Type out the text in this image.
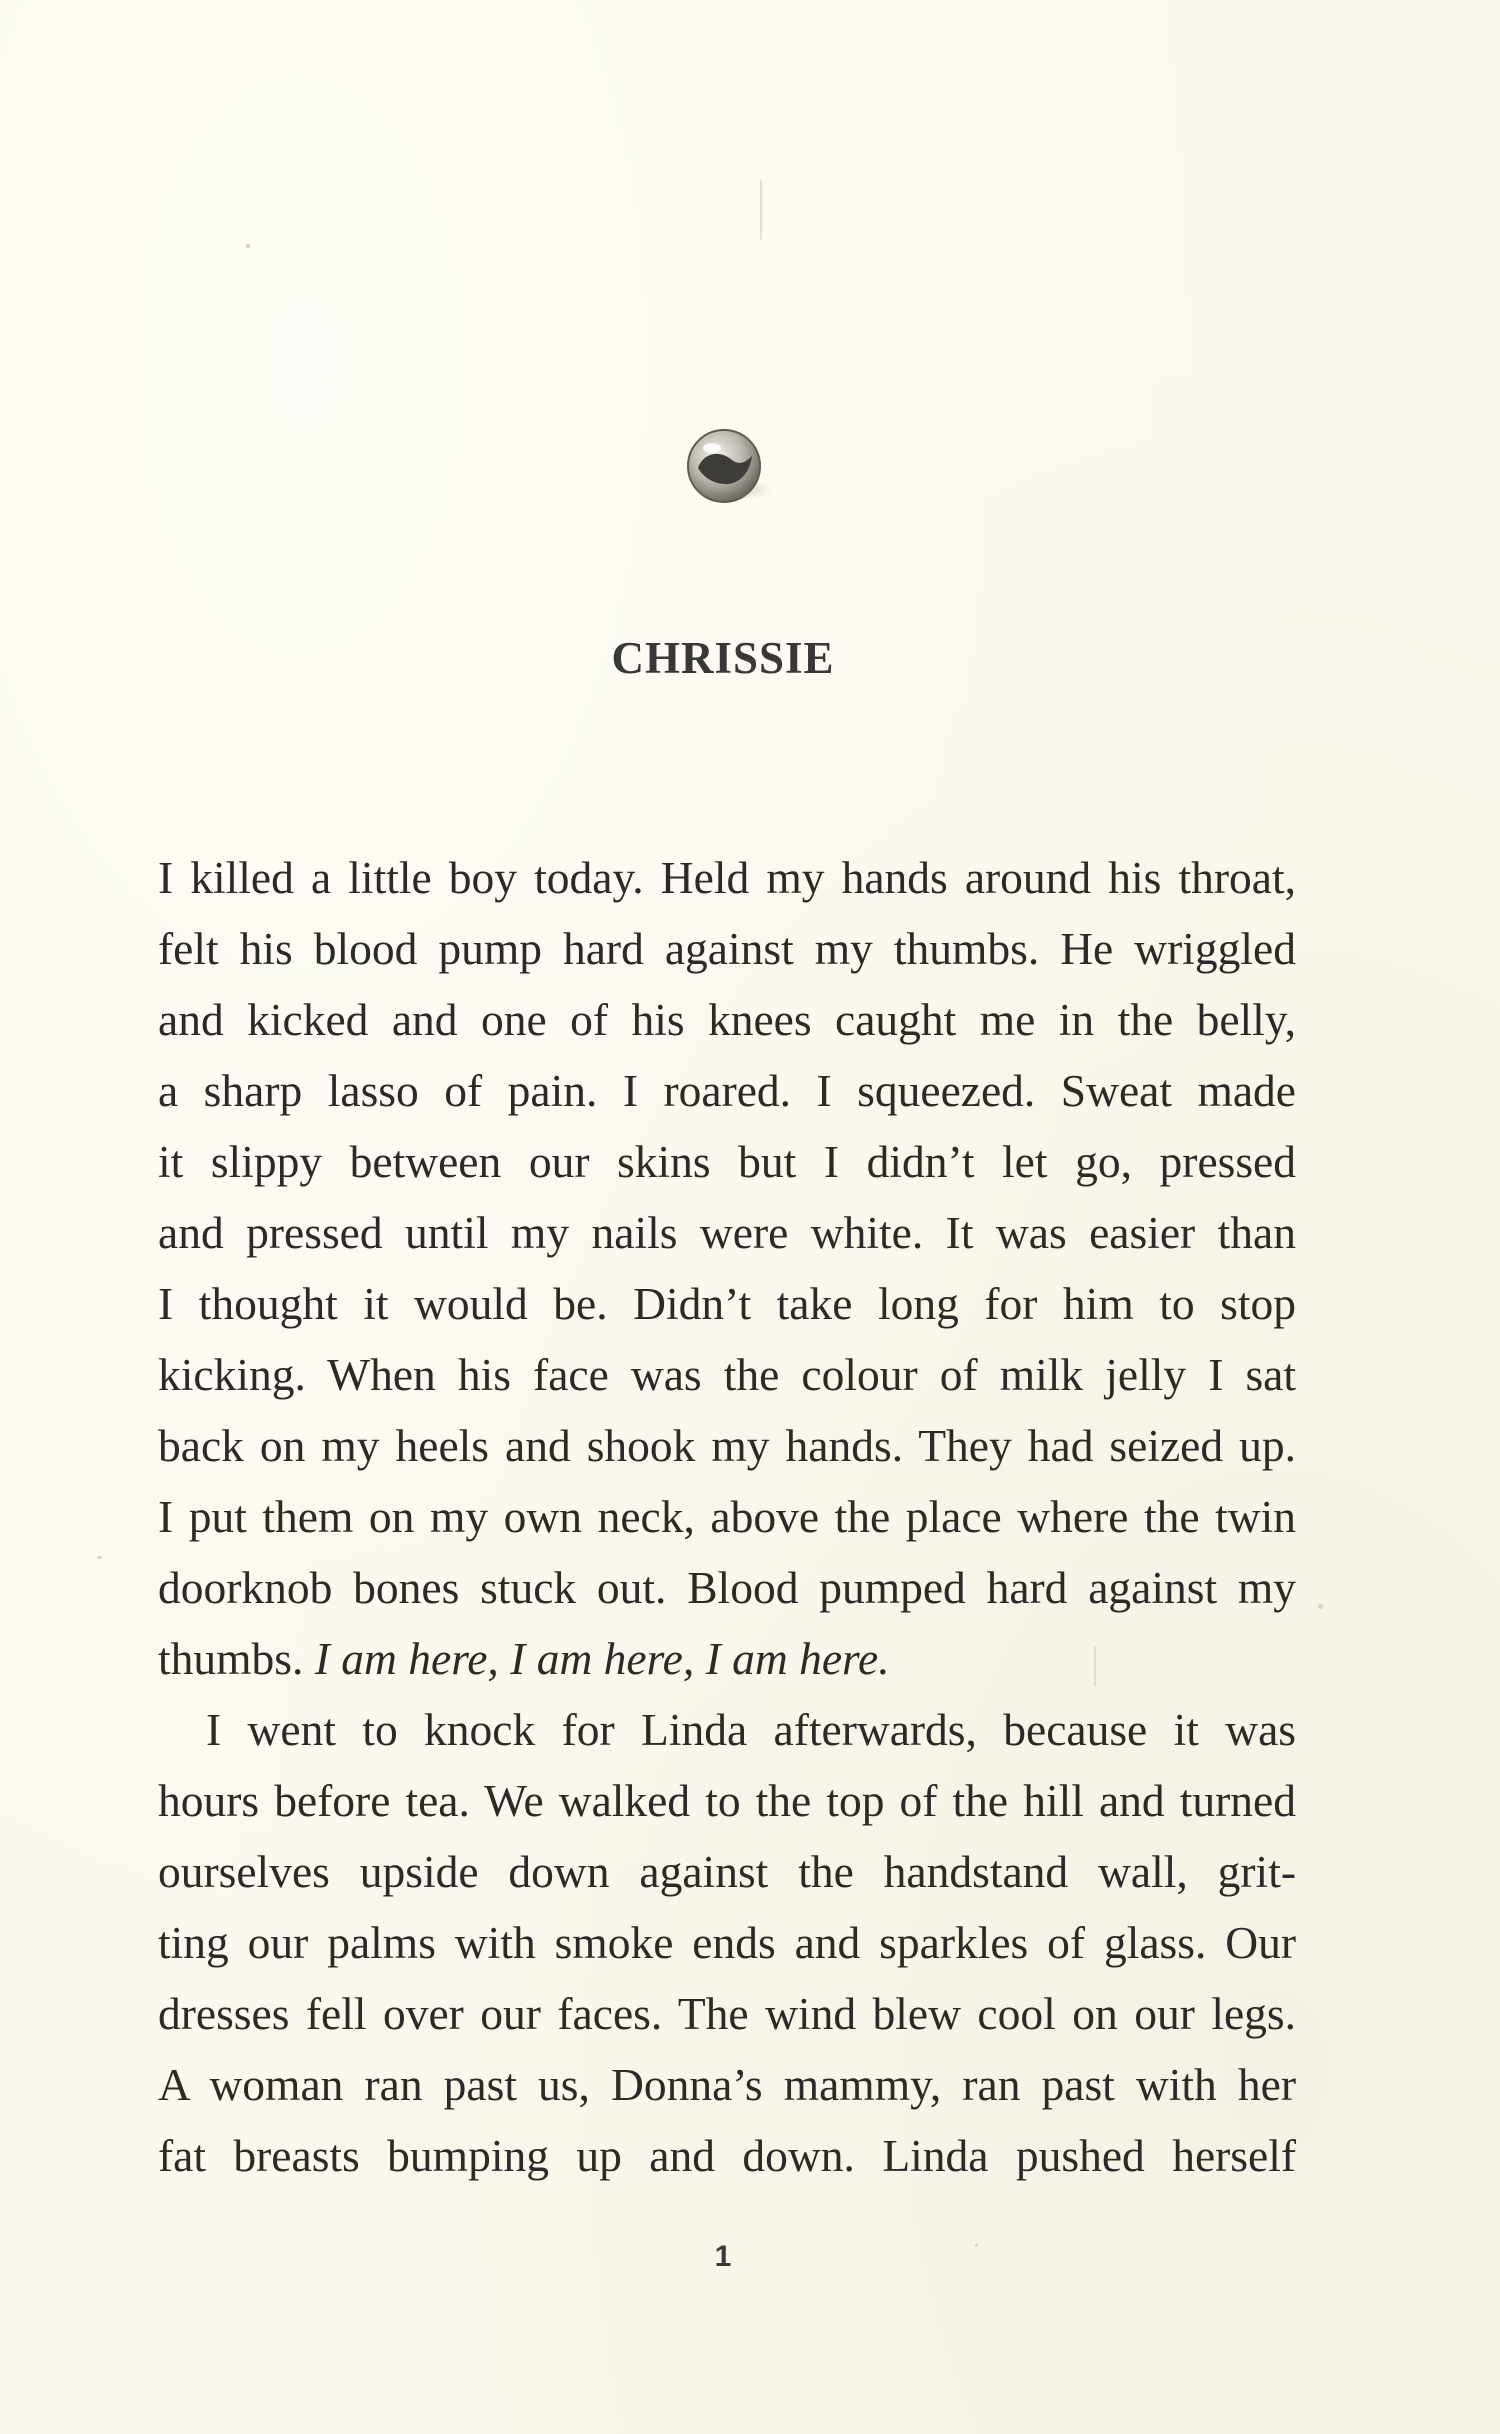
CHRISSIE
I killed a little boy today. Held my hands around his throat,
felt his blood pump hard against my thumbs. He wriggled
and kicked and one of his knees caught me in the belly,
a sharp lasso of pain. I roared. I squeezed. Sweat made
it slippy between our skins but I didn’t let go, pressed
and pressed until my nails were white. It was easier than
I thought it would be. Didn’t take long for him to stop
kicking. When his face was the colour of milk jelly I sat
back on my heels and shook my hands. They had seized up.
I put them on my own neck, above the place where the twin
doorknob bones stuck out. Blood pumped hard against my
thumbs. I am here, I am here, I am here.
I went to knock for Linda afterwards, because it was
hours before tea. We walked to the top of the hill and turned
ourselves upside down against the handstand wall, grit-
ting our palms with smoke ends and sparkles of glass. Our
dresses fell over our faces. The wind blew cool on our legs.
A woman ran past us, Donna’s mammy, ran past with her
fat breasts bumping up and down. Linda pushed herself
1
